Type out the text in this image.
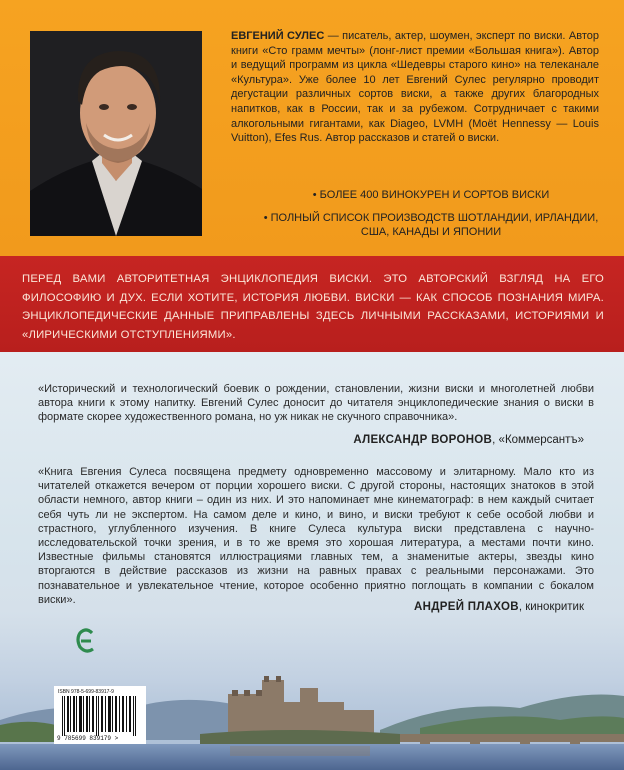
ЕВГЕНИЙ СУЛЕС — писатель, актер, шоумен, эксперт по виски. Автор книги «Сто грамм мечты» (лонг-лист премии «Большая книга»). Автор и ведущий программ из цикла «Шедевры старого кино» на телеканале «Культура». Уже более 10 лет Евгений Сулес регулярно проводит дегустации различных сортов виски, а также других благородных напитков, как в России, так и за рубежом. Сотрудничает с такими алкогольными гигантами, как Diageo, LVMH (Moët Hennessy — Louis Vuitton), Efes Rus. Автор рассказов и статей о виски.
• БОЛЕЕ 400 ВИНОКУРЕН И СОРТОВ ВИСКИ
• ПОЛНЫЙ СПИСОК ПРОИЗВОДСТВ ШОТЛАНДИИ, ИРЛАНДИИ, США, КАНАДЫ И ЯПОНИИ
ПЕРЕД ВАМИ АВТОРИТЕТНАЯ ЭНЦИКЛОПЕДИЯ ВИСКИ. ЭТО АВТОРСКИЙ ВЗГЛЯД НА ЕГО ФИЛОСОФИЮ И ДУХ. ЕСЛИ ХОТИТЕ, ИСТОРИЯ ЛЮБВИ. ВИСКИ — КАК СПОСОБ ПОЗНАНИЯ МИРА. ЭНЦИКЛОПЕДИЧЕСКИЕ ДАННЫЕ ПРИПРАВЛЕНЫ ЗДЕСЬ ЛИЧНЫМИ РАССКАЗАМИ, ИСТОРИЯМИ И «ЛИРИЧЕСКИМИ ОТСТУПЛЕНИЯМИ».
«Исторический и технологический боевик о рождении, становлении, жизни виски и многолетней любви автора книги к этому напитку. Евгений Сулес доносит до читателя энциклопедические знания о виски в формате скорее художественного романа, но уж никак не скучного справочника».
АЛЕКСАНДР ВОРОНОВ, «Коммерсантъ»
«Книга Евгения Сулеса посвящена предмету одновременно массовому и элитарному. Мало кто из читателей откажется вечером от порции хорошего виски. С другой стороны, настоящих знатоков в этой области немного, автор книги – один из них. И это напоминает мне кинематограф: в нем каждый считает себя чуть ли не экспертом. На самом деле и кино, и вино, и виски требуют к себе особой любви и страстного, углубленного изучения. В книге Сулеса культура виски представлена с научно-исследовательской точки зрения, и в то же время это хорошая литература, а местами почти кино. Известные фильмы становятся иллюстрациями главных тем, а знаменитые актеры, звезды кино вторгаются в действие рассказов из жизни на равных правах с реальными персонажами. Это познавательное и увлекательное чтение, которое особенно приятно поглощать в компании с бокалом виски».
АНДРЕЙ ПЛАХОВ, кинокритик
ISBN 978-5-699-83917-9
9 785699 839179 >
